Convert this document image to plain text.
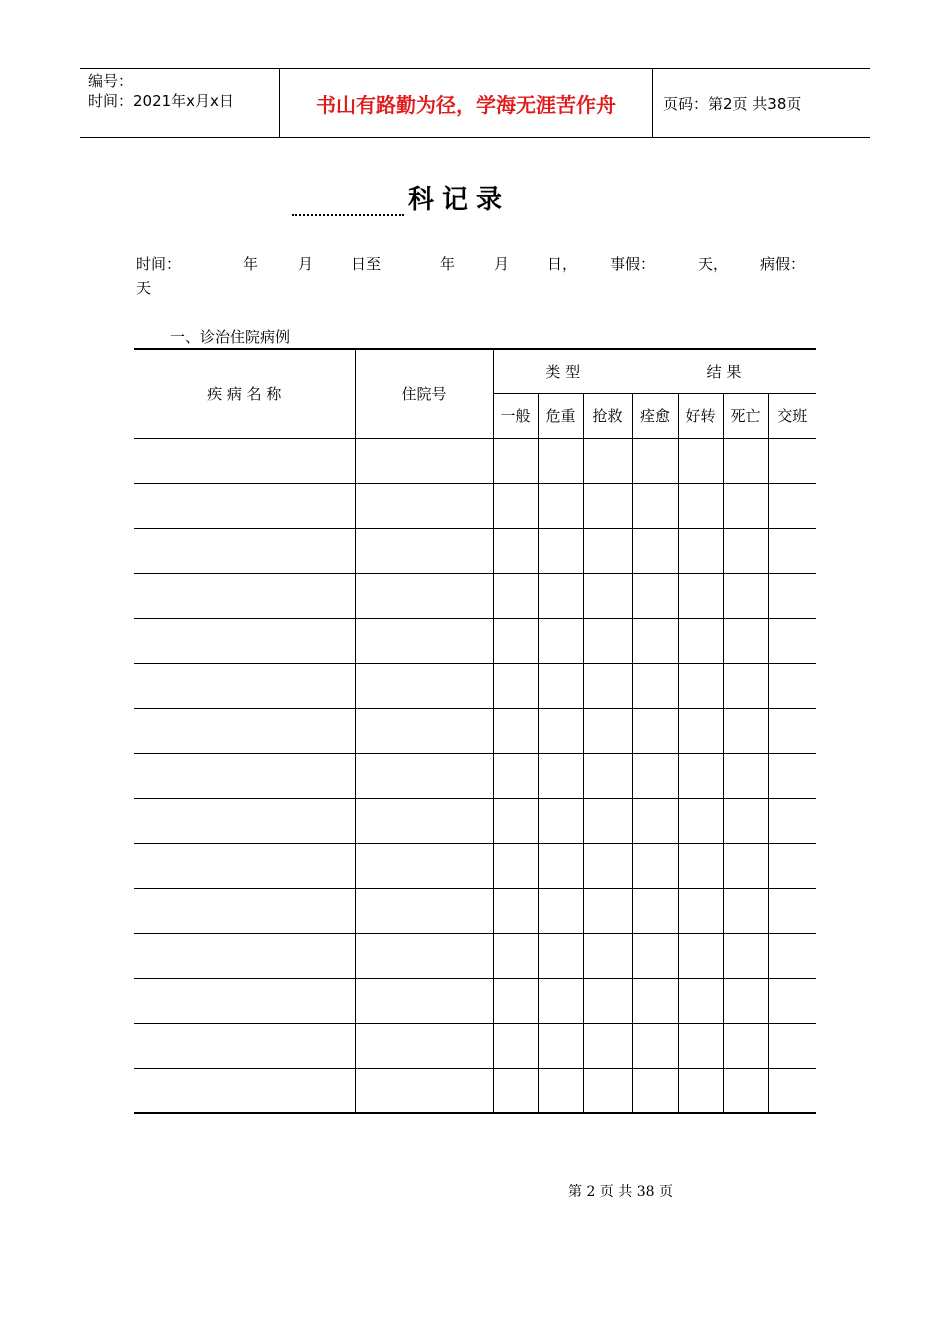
编号：
时间：2021年x月x日	书山有路勤为径，学海无涯苦作舟	页码：第2页 共38页
科记录
时间：	年	月	日至	年	月	日， 事假：	天， 病假：
天
一、诊治住院病例
疾 病 名 称	住院号	类 型			结 果			
		一般	危重	抢救	痊愈	好转	死亡	交班

第 2 页 共 38 页
